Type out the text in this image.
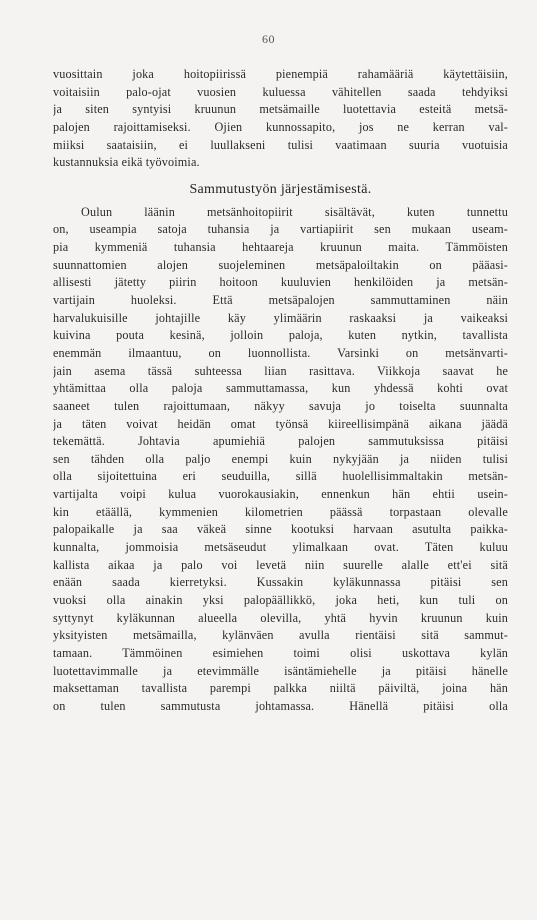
60
vuosittain joka hoitopiirissä pienempiä rahamääriä käytettäisiin,
voitaisiin palo-ojat vuosien kuluessa vähitellen saada tehdyiksi
ja siten syntyisi kruunun metsämaille luotettavia esteitä metsä-
palojen rajoittamiseksi. Ojien kunnossapito, jos ne kerran val-
miiksi saataisiin, ei luullakseni tulisi vaatimaan suuria vuotuisia
kustannuksia eikä työvoimia.
Sammutustyön järjestämisestä.
Oulun läänin metsänhoitopiirit sisältävät, kuten tunnettu
on, useampia satoja tuhansia ja vartiapiirit sen mukaan useam-
pia kymmeniä tuhansia hehtaareja kruunun maita. Tämmöisten
suunnattomien alojen suojeleminen metsäpaloiltakin on pääasi-
allisesti jätetty piirin hoitoon kuuluvien henkilöiden ja metsän-
vartijain huoleksi. Että metsäpalojen sammuttaminen näin
harvalukuisille johtajille käy ylimäärin raskaaksi ja vaikeaksi
kuivina pouta kesinä, jolloin paloja, kuten nytkin, tavallista
enemmän ilmaantuu, on luonnollista. Varsinki on metsänvarti-
jain asema tässä suhteessa liian rasittava. Viikkoja saavat he
yhtämittaa olla paloja sammuttamassa, kun yhdessä kohti ovat
saaneet tulen rajoittumaan, näkyy savuja jo toiselta suunnalta
ja täten voivat heidän omat työnsä kiireellisimpänä aikana jäädä
tekemättä. Johtavia apumiehiä palojen sammutuksissa pitäisi
sen tähden olla paljo enempi kuin nykyjään ja niiden tulisi
olla sijoitettuina eri seuduilla, sillä huolellisimmaltakin metsän-
vartijalta voipi kulua vuorokausiakin, ennenkun hän ehtii usein-
kin etäällä, kymmenien kilometrien päässä torpastaan olevalle
palopaikalle ja saa väkeä sinne kootuksi harvaan asutulta paikka-
kunnalta, jommoisia metsäseudut ylimalkaan ovat. Täten kuluu
kallista aikaa ja palo voi levetä niin suurelle alalle ett'ei sitä
enään saada kierretyksi. Kussakin kyläkunnassa pitäisi sen
vuoksi olla ainakin yksi palopäällikkö, joka heti, kun tuli on
syttynyt kyläkunnan alueella olevilla, yhtä hyvin kruunun kuin
yksityisten metsämailla, kylänväen avulla rientäisi sitä sammut-
tamaan. Tämmöinen esimiehen toimi olisi uskottava kylän
luotettavimmalle ja etevimmälle isäntämiehelle ja pitäisi hänelle
maksettaman tavallista parempi palkka niiltä päiviltä, joina hän
on tulen sammutusta johtamassa. Hänellä pitäisi olla
